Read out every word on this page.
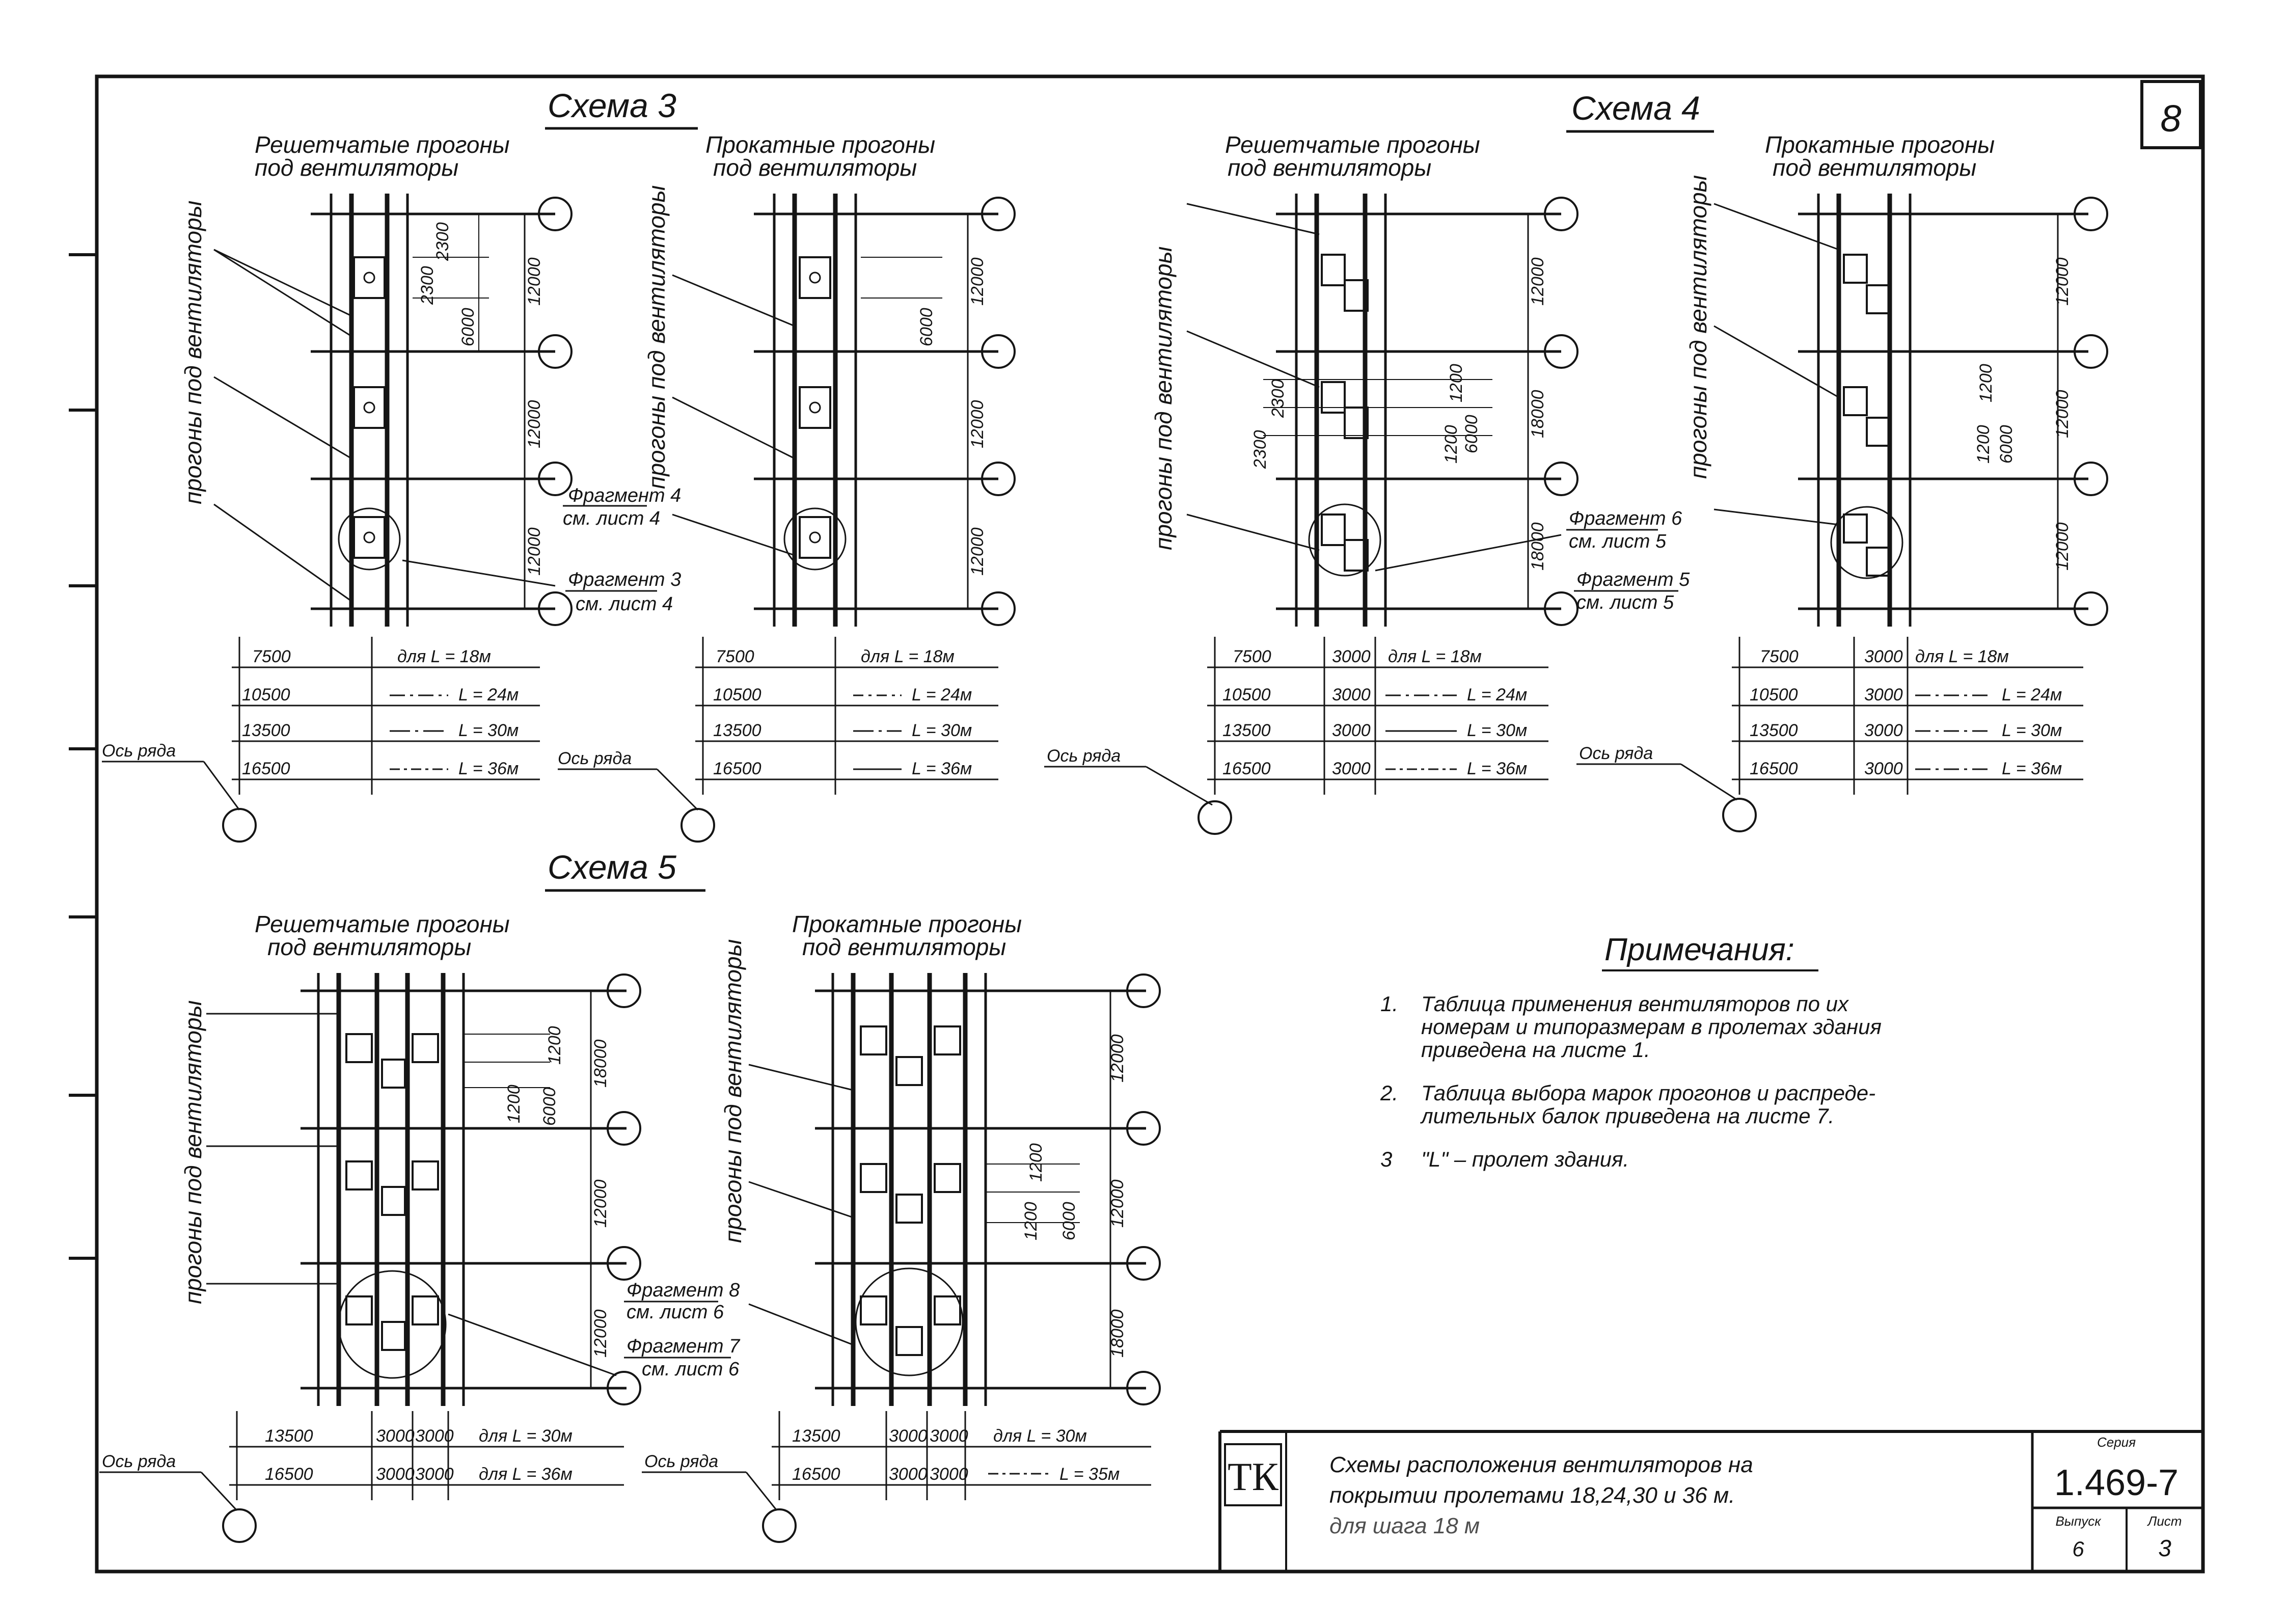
8
Схема 3
Решетчатые прогоны
под вентиляторы
Прокатные прогоны
под вентиляторы
прогоны под вентиляторы	2300
2300
6000
12000
12000
12000
6000
12000
12000
12000
прогоны под вентиляторы
Фрагмент 4
см. лист 4
Фрагмент 3
см. лист 4
7500	для L = 18м
10500	L = 24м
13500	L = 30м
16500	L = 36м
7500	для L = 18м
10500	L = 24м
13500	L = 30м
16500	L = 36м
Ось ряда	Ось ряда
Схема 4
Решетчатые прогоны
под вентиляторы
Прокатные прогоны
под вентиляторы
прогоны под вентиляторы	2300
2300
1200
1200 6000
12000
18000
18000
1200
1200 6000
12000
12000
12000
прогоны под вентиляторы
Фрагмент 6
см. лист 5
Фрагмент 5
см. лист 5
7500	3000 для L = 18м
10500	3000	L = 24м
13500	3000	L = 30м
16500	3000	L = 36м
7500	3000 для L = 18м
10500	3000	L = 24м
13500	3000	L = 30м
16500	3000	L = 36м
Ось ряда	Ось ряда
Схема 5
Решетчатые прогоны
под вентиляторы
Прокатные прогоны
под вентиляторы
прогоны под вентиляторы	1200
1200 6000
18000
12000
12000
1200
1200 6000
12000
12000
18000
прогоны под вентиляторы
Фрагмент 8
см. лист 6
Фрагмент 7
см. лист 6
13500	3000 3000 для L = 30м
16500	3000 3000 для L = 36м
13500	3000 3000 для L = 30м
16500	3000 3000	L = 35м
Ось ряда	Ось ряда
Примечания:
1. Таблица применения вентиляторов по их
номерам и типоразмерам в пролетах здания
приведена на листе 1.
2. Таблица выбора марок прогонов и распреде-
лительных балок приведена на листе 7.
3 "L" – пролет здания.
ТК Схемы расположения вентиляторов на
покрытии пролетами 18,24,30 и 36 м.
для шага 18 м
Серия
1.469-7
Выпуск
6
Лист
3
